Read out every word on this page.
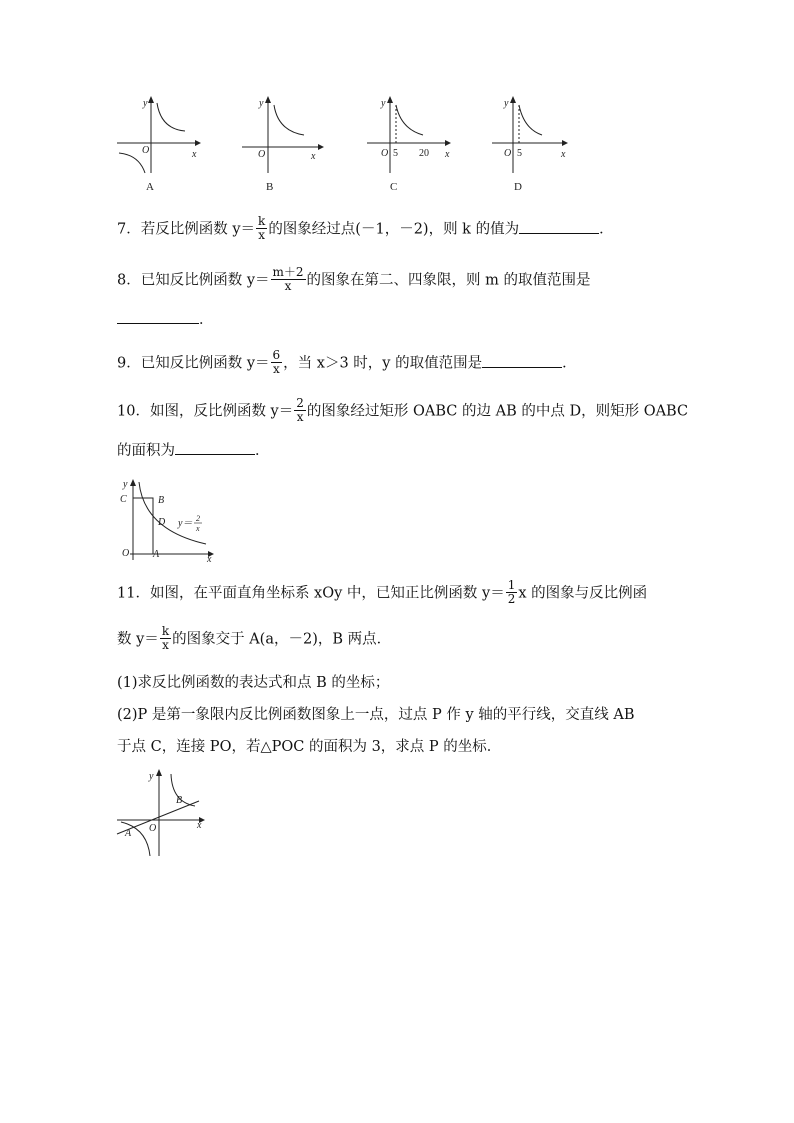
y
x
O
A
y
x
O
B
y
x
O 5 20
C
y
x
O 5
D
7．若反比例函数 $y= \frac{k}{x}$ 的图象经过点(－1，－2)，则 k 的值为	．
8．已知反比例函数 $y= \frac{m+2}{x}$ 的图象在第二、四象限，则 m 的取值范围是
．
9．已知反比例函数 $y= \frac{6}{x}$ ，当 x＞3 时，y 的取值范围是	．
10．如图，反比例函数 $y= \frac{2}{x}$ 的图象经过矩形 OABC 的边 AB 的中点 D，则矩形 OABC
的面积为	．
y
C	B
D
O A	x
y＝ 2
x
11．如图，在平面直角坐标系 xOy 中，已知正比例函数 $y= \frac{1}{2}$ x 的图象与反比例函
数 $y= \frac{k}{x}$ 的图象交于 A(a，－2)，B 两点．
(1)求反比例函数的表达式和点 B 的坐标；
(2)P 是第一象限内反比例函数图象上一点，过点 P 作 y 轴的平行线，交直线 AB
于点 C，连接 PO，若△POC 的面积为 3，求点 P 的坐标．
y
B
O	x
A
